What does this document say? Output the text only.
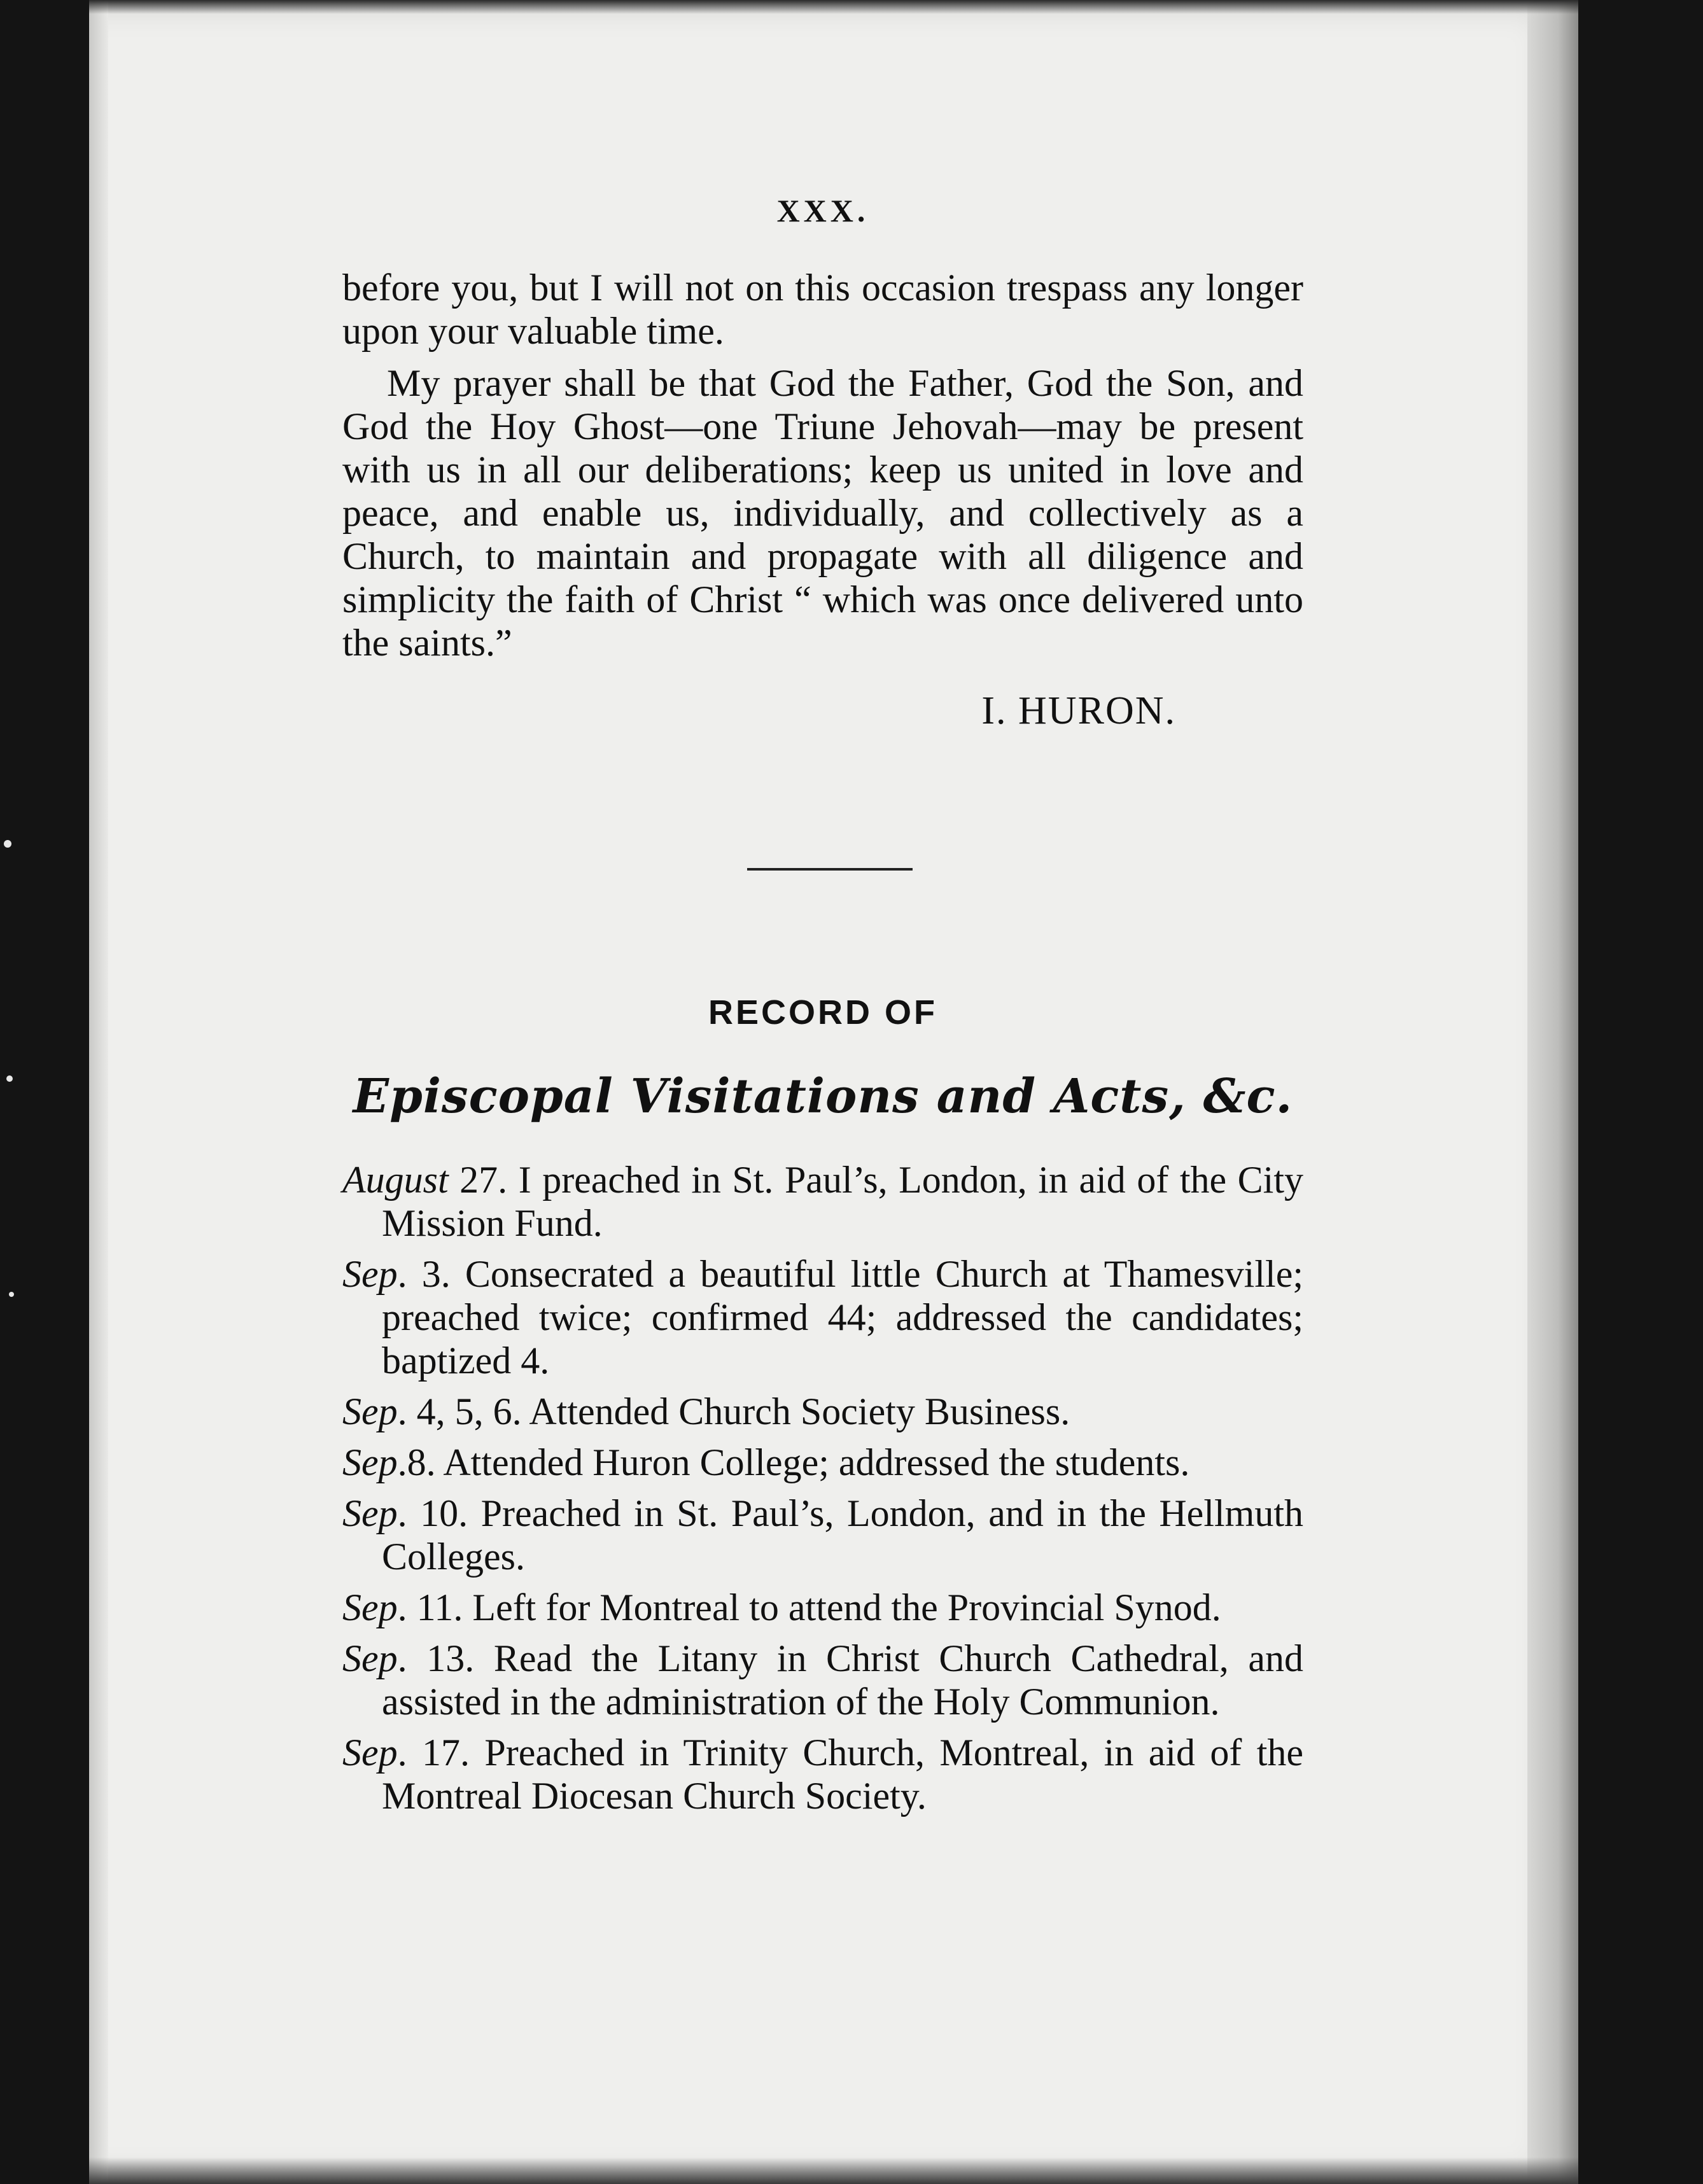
XXX.

before you, but I will not on this occasion trespass any longer upon your valuable time.

My prayer shall be that God the Father, God the Son, and God the Hoy Ghost—one Triune Jehovah—may be present with us in all our deliberations; keep us united in love and peace, and enable us, individually, and collectively as a Church, to maintain and propagate with all diligence and simplicity the faith of Christ “ which was once delivered unto the saints.”

I. HURON.
RECORD OF
Episcopal Visitations and Acts, &c.
August 27. I preached in St. Paul’s, London, in aid of the City Mission Fund.
Sep. 3. Consecrated a beautiful little Church at Thamesville; preached twice; confirmed 44; addressed the candidates; baptized 4.
Sep. 4, 5, 6. Attended Church Society Business.
Sep.8. Attended Huron College; addressed the students.
Sep. 10. Preached in St. Paul’s, London, and in the Hellmuth Colleges.
Sep. 11. Left for Montreal to attend the Provincial Synod.
Sep. 13. Read the Litany in Christ Church Cathedral, and assisted in the administration of the Holy Communion.
Sep. 17. Preached in Trinity Church, Montreal, in aid of the Montreal Diocesan Church Society.
